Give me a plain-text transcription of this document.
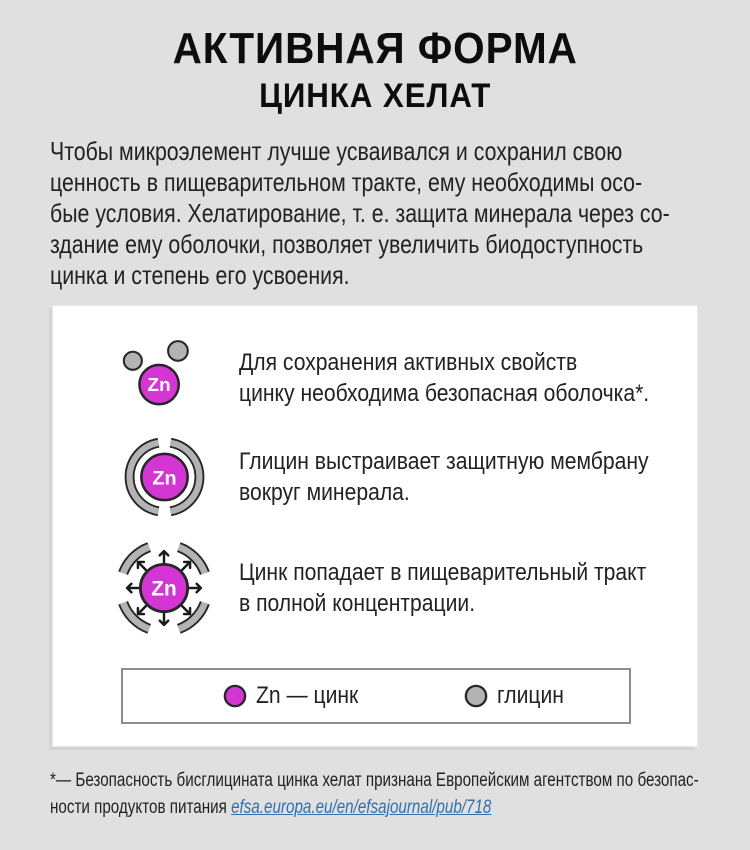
АКТИВНАЯ ФОРМА
ЦИНКА ХЕЛАТ
Чтобы микроэлемент лучше усваивался и сохранил свою
ценность в пищеварительном тракте, ему необходимы осо-
бые условия. Хелатирование, т. е. защита минерала через со-
здание ему оболочки, позволяет увеличить биодоступность
цинка и степень его усвоения.
Zn
Для сохранения активных свойств
цинку необходима безопасная оболочка*.
Zn
Глицин выстраивает защитную мембрану
вокруг минерала.
Zn
Цинк попадает в пищеварительный тракт
в полной концентрации.
Zn — цинк	глицин
*— Безопасность бисглицината цинка хелат признана Европейским агентством по безопас-
ности продуктов питания efsa.europa.eu/en/efsajournal/pub/718
